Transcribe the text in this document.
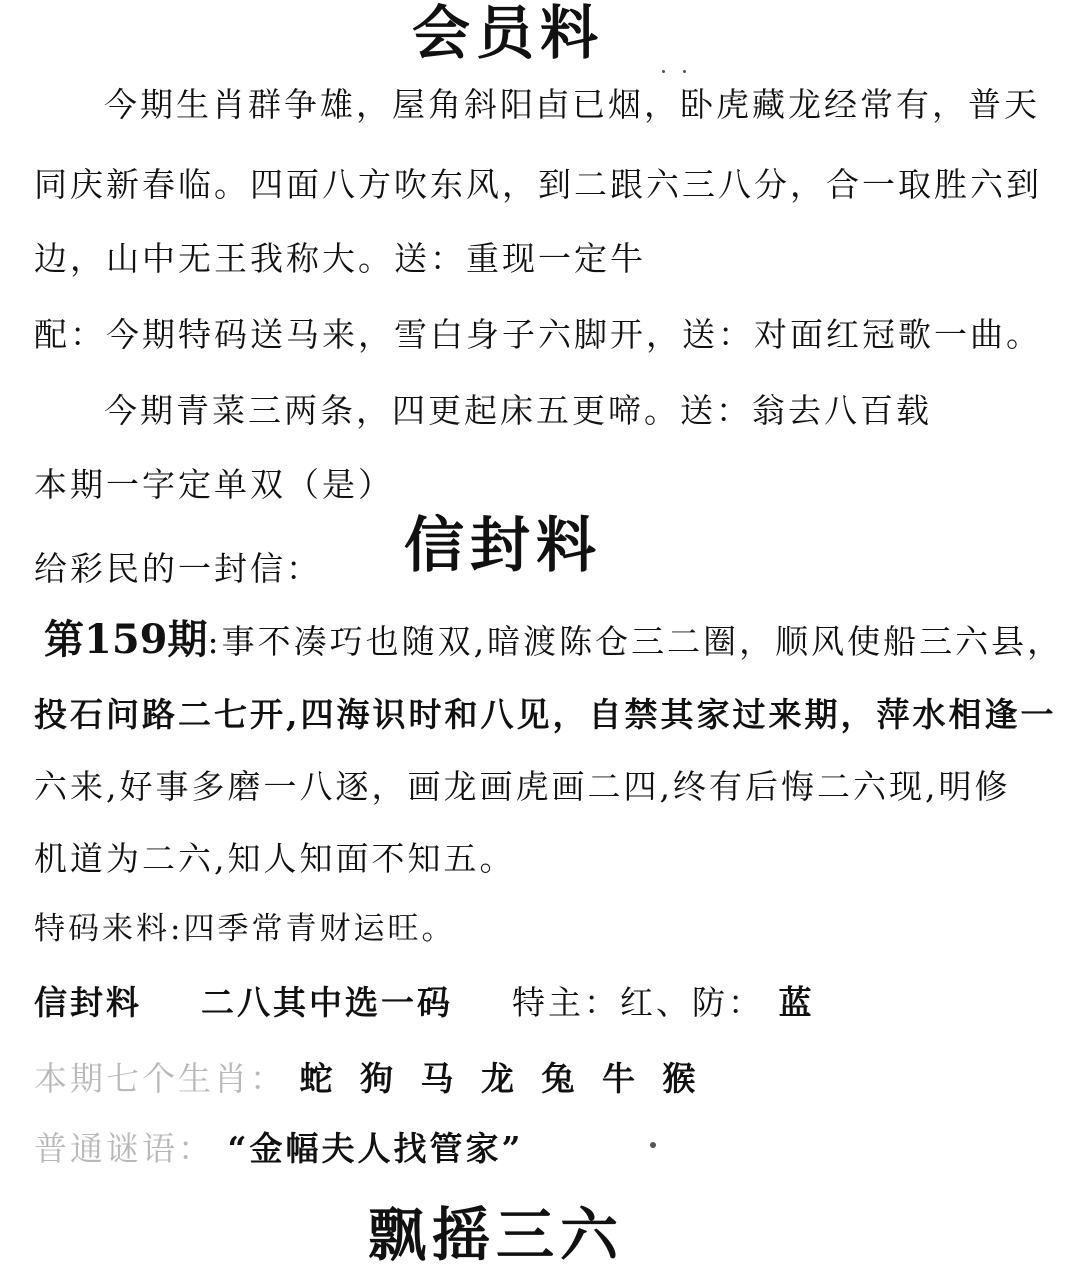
会员料
今期生肖群争雄，屋角斜阳卣已烟，卧虎藏龙经常有，普天
同庆新春临。四面八方吹东风，到二跟六三八分，合一取胜六到
边，山中无王我称大。送：重现一定牛
配：今期特码送马来，雪白身子六脚开，送：对面红冠歌一曲。
今期青菜三两条，四更起床五更啼。送：翁去八百载
本期一字定单双（是）
给彩民的一封信： 信封料
第159期:事不凑巧也随双,暗渡陈仓三二圈，顺风使船三六县，
投石问路二七开,四海识时和八见，自禁其家过来期，萍水相逢一
六来,好事多磨一八逐，画龙画虎画二四,终有后悔二六现,明修
机道为二六,知人知面不知五。
特码来料:四季常青财运旺。
信封料 二八其中选一码 特主：红、防： 蓝
本期七个生肖： 蛇 狗 马 龙 兔 牛 猴
普通谜语： “金幅夫人找管家”
飘摇三六
